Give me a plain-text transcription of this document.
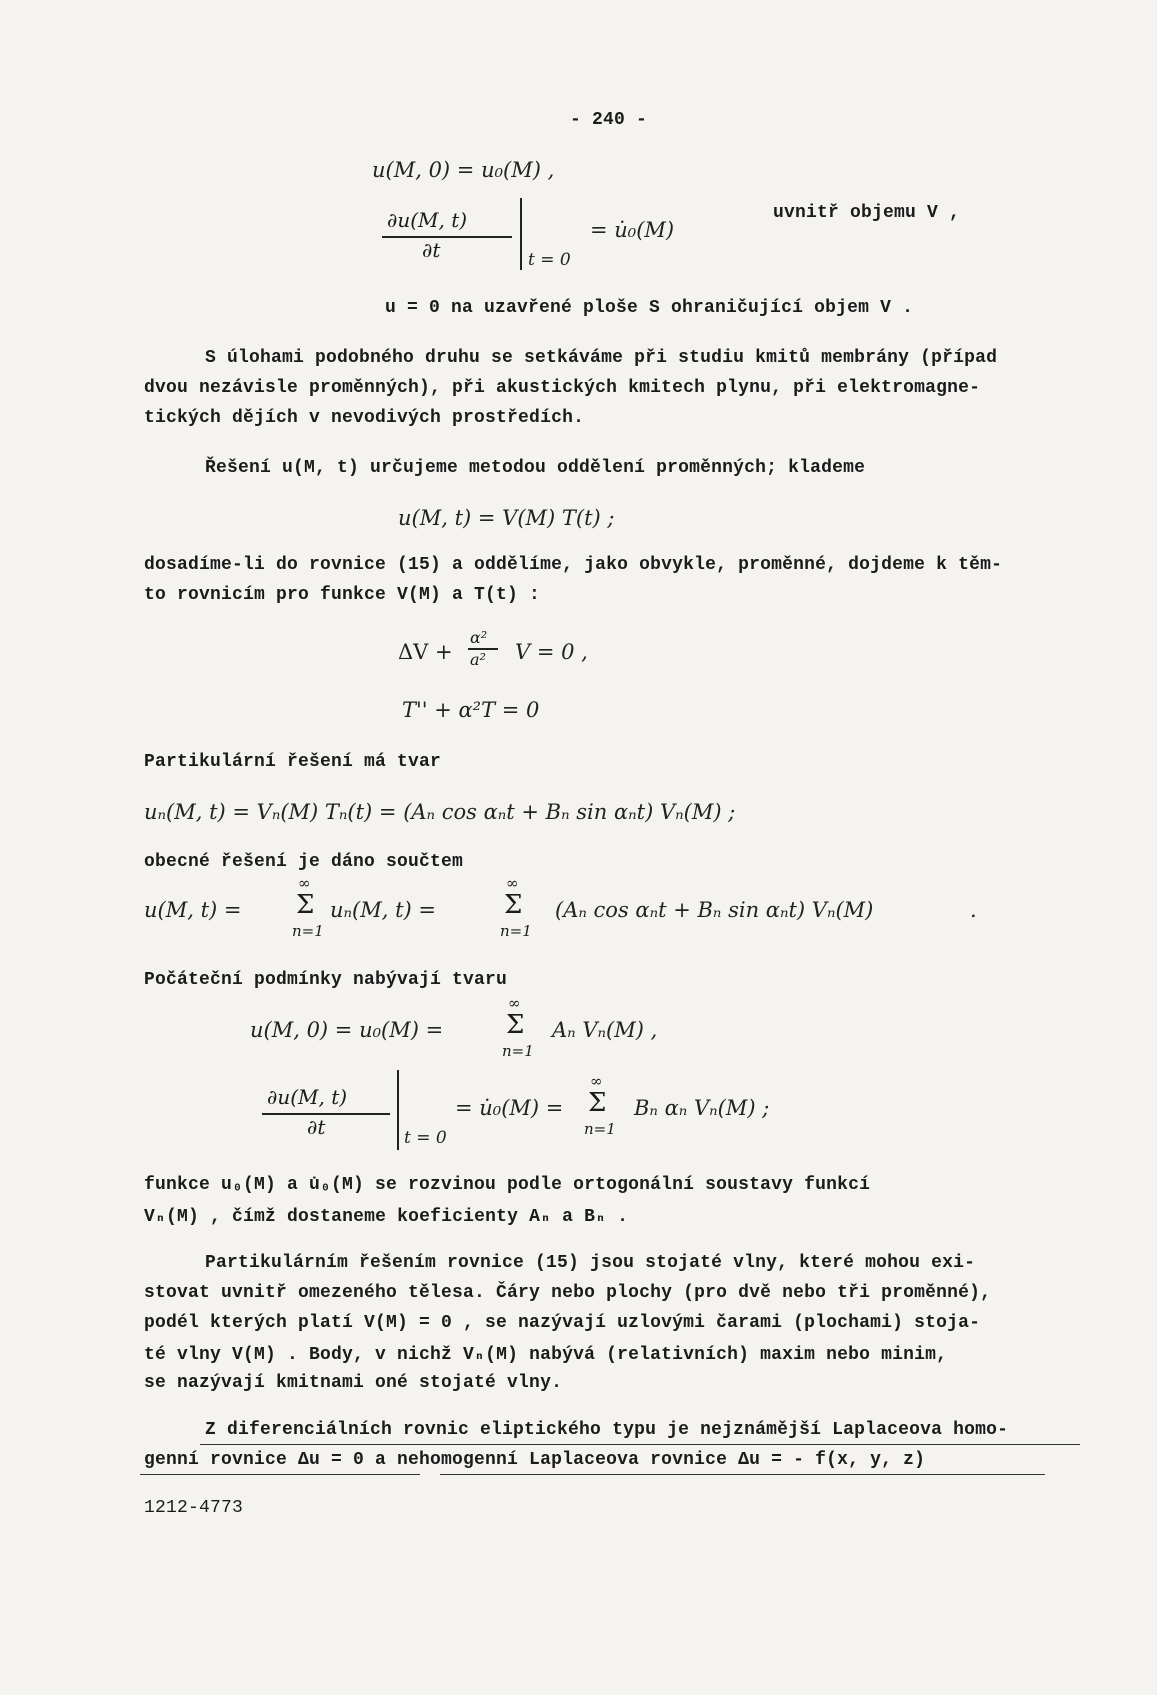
- 240 -
u(M, 0) = u₀(M) ,
∂u(M, t)
∂t	t = 0
= u̇₀(M)
uvnitř objemu V ,
u = 0 na uzavřené ploše S ohraničující objem V .
S úlohami podobného druhu se setkáváme při studiu kmitů membrány (případ
dvou nezávisle proměnných), při akustických kmitech plynu, při elektromagne-
tických dějích v nevodivých prostředích.
Řešení u(M, t) určujeme metodou oddělení proměnných; klademe
u(M, t) = V(M) T(t) ;
dosadíme-li do rovnice (15) a oddělíme, jako obvykle, proměnné, dojdeme k těm-
to rovnicím pro funkce V(M) a T(t) :
ΔV +
α²
a² V = 0 ,
T'' + α²T = 0
Partikulární řešení má tvar
uₙ(M, t) = Vₙ(M) Tₙ(t) = (Aₙ cos αₙt + Bₙ sin αₙt) Vₙ(M) ;
obecné řešení je dáno součtem
u(M, t) = Σ
∞
n=1
uₙ(M, t) =	Σ
∞
n=1
(Aₙ cos αₙt + Bₙ sin αₙt) Vₙ(M)	.
Počáteční podmínky nabývají tvaru
u(M, 0) = u₀(M) = Σ
∞
n=1
Aₙ Vₙ(M) ,
∂u(M, t)
∂t	t = 0
= u̇₀(M) = Σ
∞
n=1
Bₙ αₙ Vₙ(M) ;
funkce u₀(M) a u̇₀(M) se rozvinou podle ortogonální soustavy funkcí
Vₙ(M) , čímž dostaneme koeficienty Aₙ a Bₙ .
Partikulárním řešením rovnice (15) jsou stojaté vlny, které mohou exi-
stovat uvnitř omezeného tělesa. Čáry nebo plochy (pro dvě nebo tři proměnné),
podél kterých platí V(M) = 0 , se nazývají uzlovými čarami (plochami) stoja-
té vlny V(M) . Body, v nichž Vₙ(M) nabývá (relativních) maxim nebo minim,
se nazývají kmitnami oné stojaté vlny.
Z diferenciálních rovnic eliptického typu je nejznámější Laplaceova homo-
genní rovnice Δu = 0 a nehomogenní Laplaceova rovnice Δu = - f(x, y, z)
1212-4773
